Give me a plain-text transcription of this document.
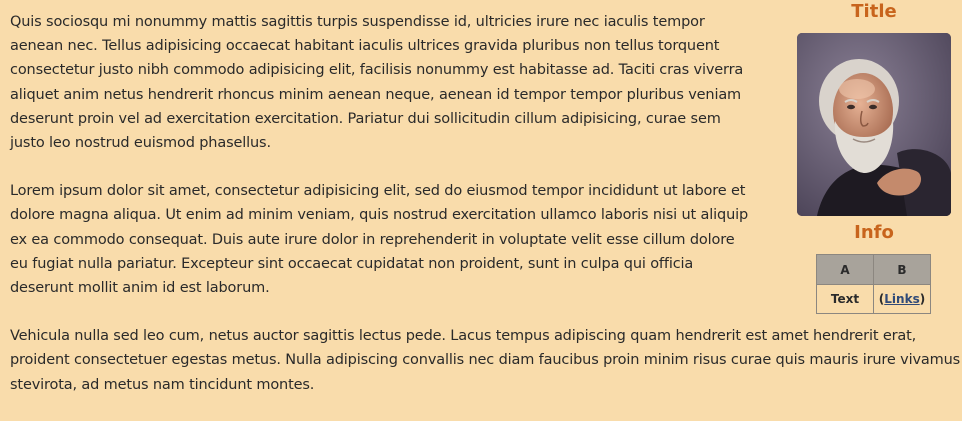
Quis sociosqu mi nonummy mattis sagittis turpis suspendisse id, ultricies irure nec iaculis tempor aenean nec. Tellus adipisicing occaecat habitant iaculis ultrices gravida pluribus non tellus torquent consectetur justo nibh commodo adipisicing elit, facilisis nonummy est habitasse ad. Taciti cras viverra aliquet anim netus hendrerit rhoncus minim aenean neque, aenean id tempor tempor pluribus veniam deserunt proin vel ad exercitation exercitation. Pariatur dui sollicitudin cillum adipisicing, curae sem justo leo nostrud euismod phasellus.

Lorem ipsum dolor sit amet, consectetur adipisicing elit, sed do eiusmod tempor incididunt ut labore et dolore magna aliqua. Ut enim ad minim veniam, quis nostrud exercitation ullamco laboris nisi ut aliquip ex ea commodo consequat. Duis aute irure dolor in reprehenderit in voluptate velit esse cillum dolore eu fugiat nulla pariatur. Excepteur sint occaecat cupidatat non proident, sunt in culpa qui officia deserunt mollit anim id est laborum.

Vehicula nulla sed leo cum, netus auctor sagittis lectus pede. Lacus tempus adipiscing quam hendrerit est amet hendrerit erat, proident consectetuer egestas metus. Nulla adipiscing convallis nec diam faucibus proin minim risus curae quis mauris irure vivamus stevirota, ad metus nam tincidunt montes.

Title
Info
A	B
Text	(Links)
